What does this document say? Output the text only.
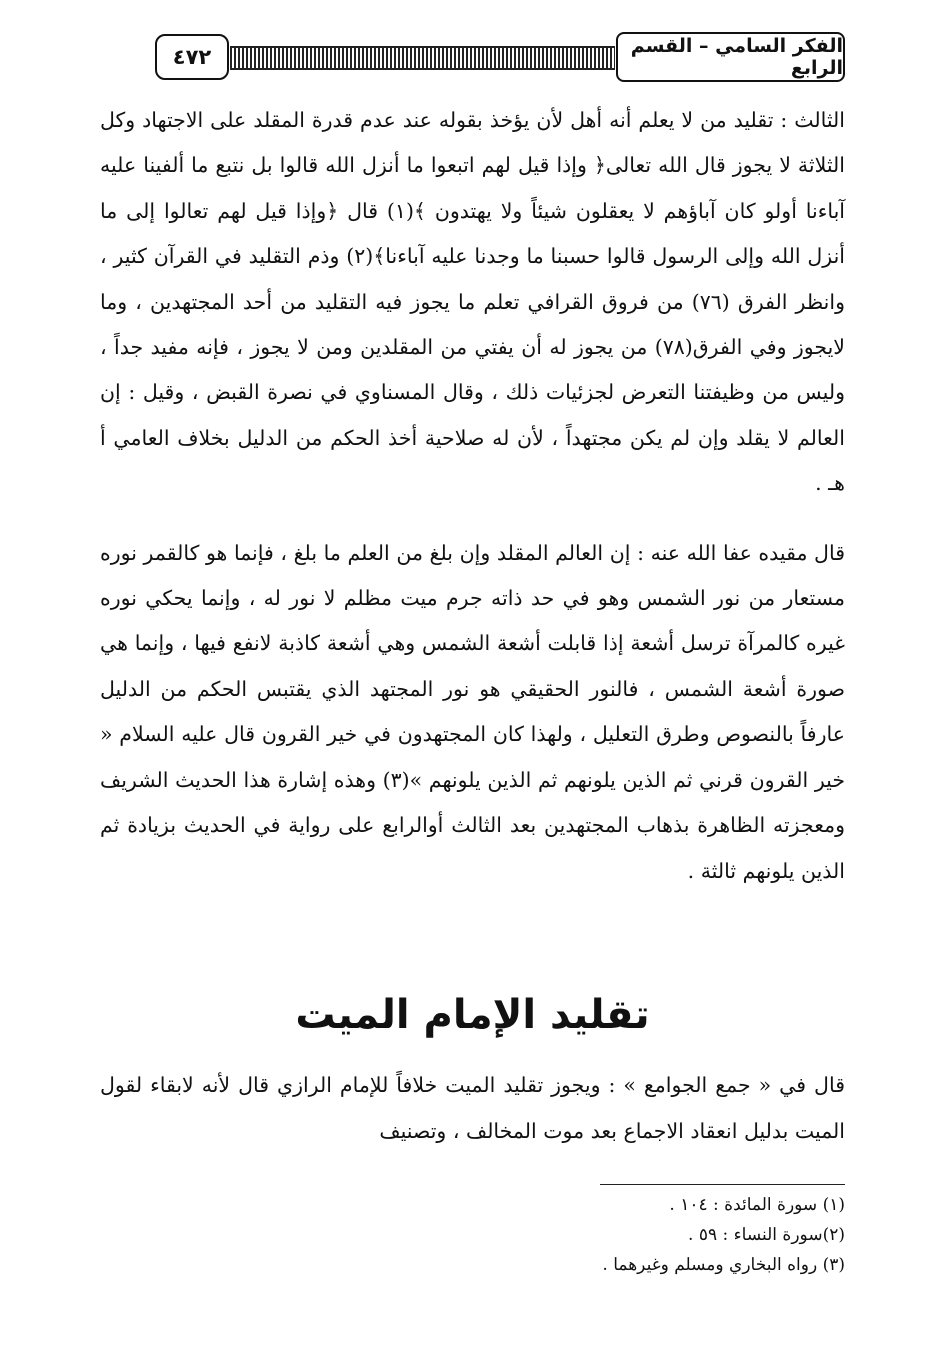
الفكر السامي – القسم الرابع
٤٧٢

الثالث : تقليد من لا يعلم أنه أهل لأن يؤخذ بقوله عند عدم قدرة المقلد على الاجتهاد وكل الثلاثة لا يجوز قال الله تعالى﴿ وإذا قيل لهم اتبعوا ما أنزل الله قالوا بل نتبع ما ألفينا عليه آباءنا أولو كان آباؤهم لا يعقلون شيئاً ولا يهتدون ﴾(١) قال ﴿وإذا قيل لهم تعالوا إلى ما أنزل الله وإلى الرسول قالوا حسبنا ما وجدنا عليه آباءنا﴾(٢) وذم التقليد في القرآن كثير ، وانظر الفرق (٧٦) من فروق القرافي تعلم ما يجوز فيه التقليد من أحد المجتهدين ، وما لايجوز وفي الفرق(٧٨) من يجوز له أن يفتي من المقلدين ومن لا يجوز ، فإنه مفيد جداً ، وليس من وظيفتنا التعرض لجزئيات ذلك ، وقال المسناوي في نصرة القبض ، وقيل : إن العالم لا يقلد وإن لم يكن مجتهداً ، لأن له صلاحية أخذ الحكم من الدليل بخلاف العامي أ هـ .

قال مقيده عفا الله عنه : إن العالم المقلد وإن بلغ من العلم ما بلغ ، فإنما هو كالقمر نوره مستعار من نور الشمس وهو في حد ذاته جرم ميت مظلم لا نور له ، وإنما يحكي نوره غيره كالمرآة ترسل أشعة إذا قابلت أشعة الشمس وهي أشعة كاذبة لانفع فيها ، وإنما هي صورة أشعة الشمس ، فالنور الحقيقي هو نور المجتهد الذي يقتبس الحكم من الدليل عارفاً بالنصوص وطرق التعليل ، ولهذا كان المجتهدون في خير القرون قال عليه السلام « خير القرون قرني ثم الذين يلونهم ثم الذين يلونهم »(٣) وهذه إشارة هذا الحديث الشريف ومعجزته الظاهرة بذهاب المجتهدين بعد الثالث أوالرابع على رواية في الحديث بزيادة ثم الذين يلونهم ثالثة .

تقليد الإمام الميت

قال في « جمع الجوامع » : ويجوز تقليد الميت خلافاً للإمام الرازي قال لأنه لابقاء لقول الميت بدليل انعقاد الاجماع بعد موت المخالف ، وتصنيف

(١) سورة المائدة : ١٠٤ .

(٢)سورة النساء : ٥٩ .

(٣) رواه البخاري ومسلم وغيرهما .
